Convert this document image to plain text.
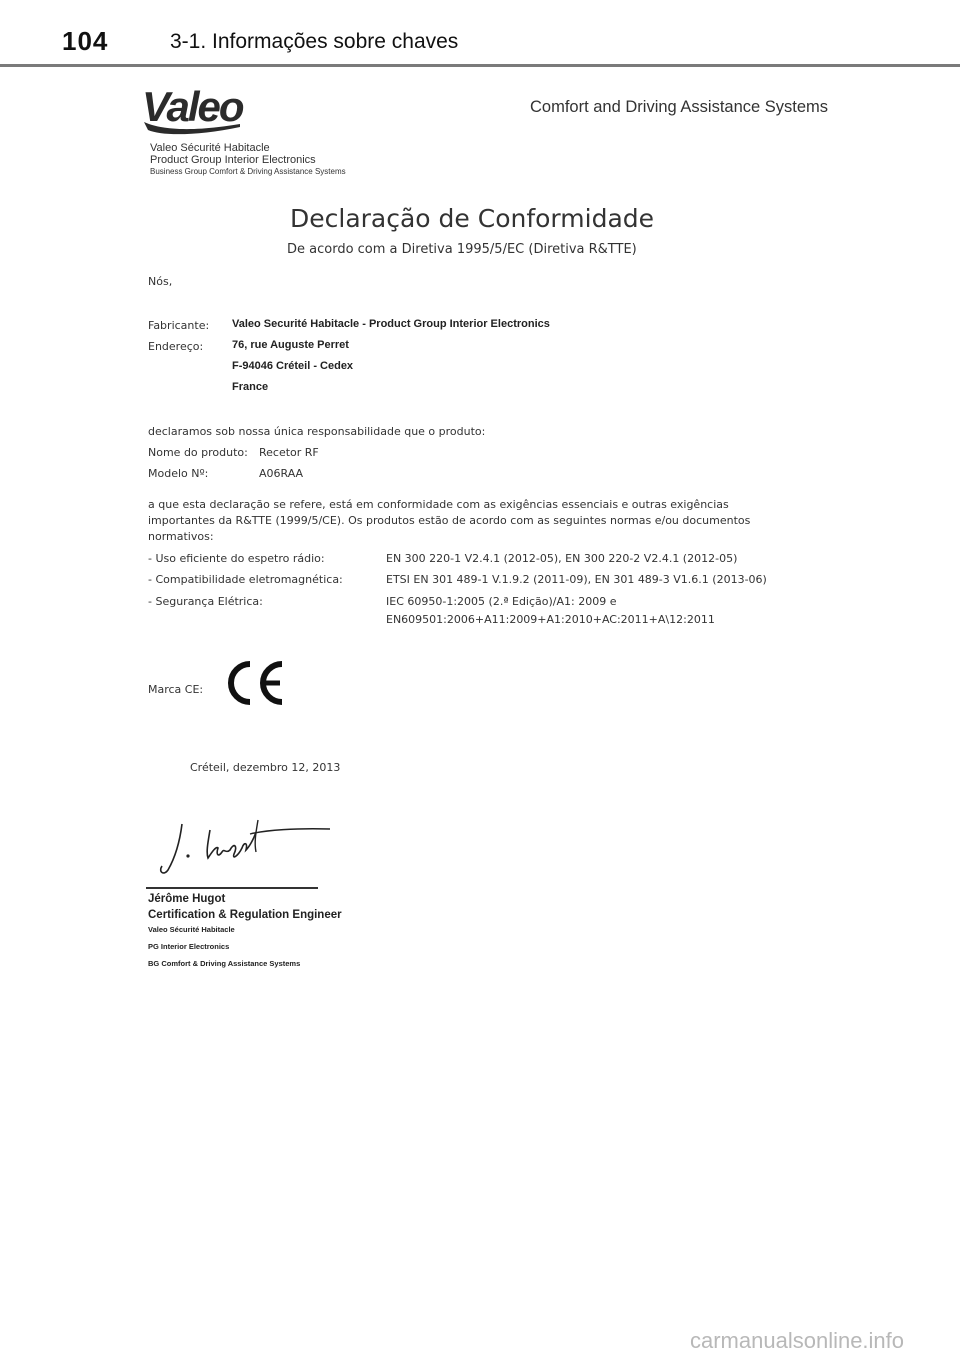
104	3-1. Informações sobre chaves
Valeo	Comfort and Driving Assistance Systems
Valeo Sécurité Habitacle
Product Group Interior Electronics
Business Group Comfort & Driving Assistance Systems
Declaração de Conformidade
De acordo com a Diretiva 1995/5/EC (Diretiva R&TTE)
Nós,
Fabricante: Valeo Securité Habitacle - Product Group Interior Electronics
Endereço:	76, rue Auguste Perret
F-94046 Créteil - Cedex
France
declaramos sob nossa única responsabilidade que o produto:
Nome do produto: Recetor RF
Modelo Nº:	A06RAA
a que esta declaração se refere, está em conformidade com as exigências essenciais e outras exigências importantes da R&TTE (1999/5/CE). Os produtos estão de acordo com as seguintes normas e/ou documentos normativos:
- Uso eficiente do espetro rádio:	EN 300 220-1 V2.4.1 (2012-05), EN 300 220-2 V2.4.1 (2012-05)
- Compatibilidade eletromagnética:	ETSI EN 301 489-1 V.1.9.2 (2011-09), EN 301 489-3 V1.6.1 (2013-06)
- Segurança Elétrica:	IEC 60950-1:2005 (2.ª Edição)/A1: 2009 e
EN609501:2006+A11:2009+A1:2010+AC:2011+A\12:2011
Marca CE:
Créteil, dezembro 12, 2013
Jérôme Hugot
Certification & Regulation Engineer
Valeo Sécurité Habitacle
PG Interior Electronics
BG Comfort & Driving Assistance Systems
carmanualsonline.info
